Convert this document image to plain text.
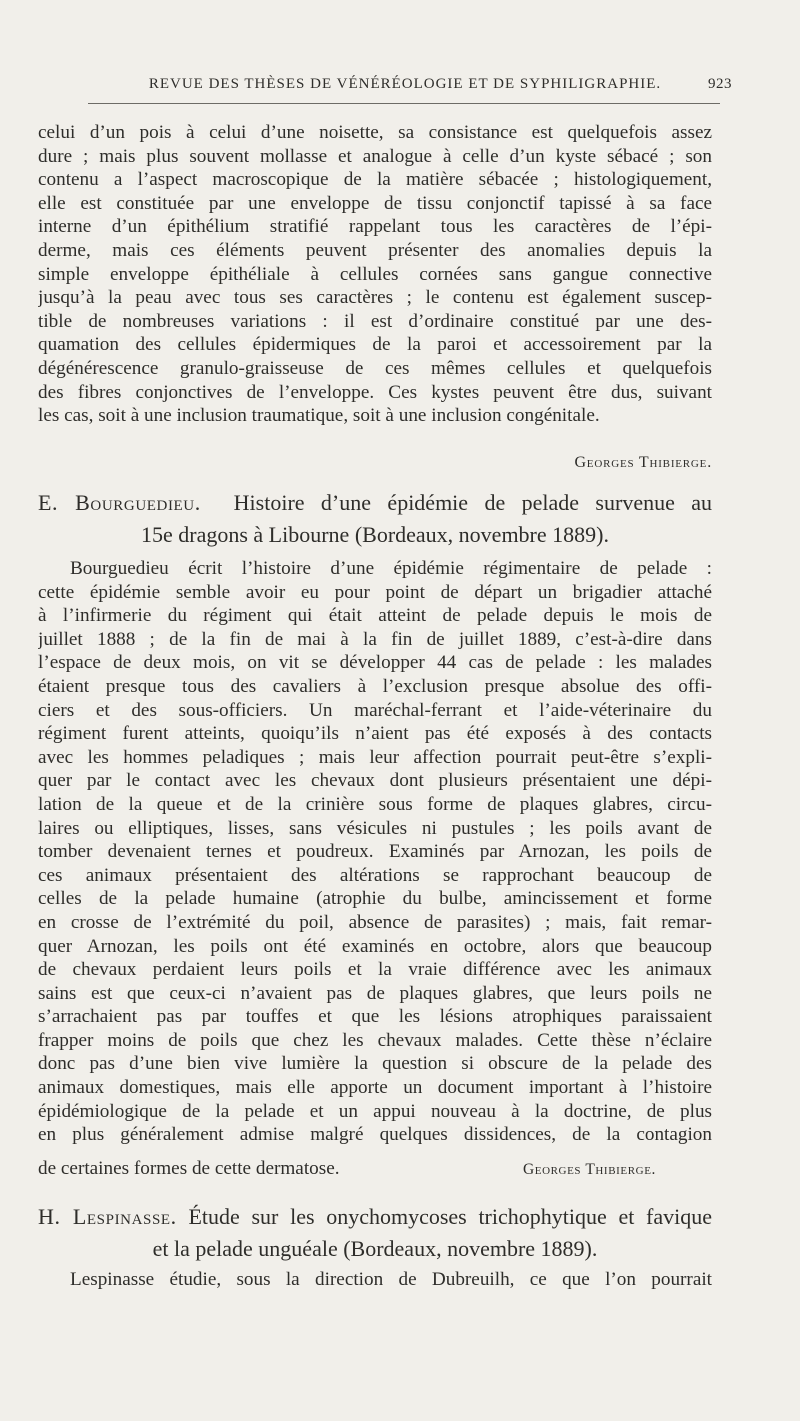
REVUE DES THÈSES DE VÉNÉRÉOLOGIE ET DE SYPHILIGRAPHIE.	923
celui d’un pois à celui d’une noisette, sa consistance est quelquefois assez
dure ; mais plus souvent mollasse et analogue à celle d’un kyste sébacé ; son
contenu a l’aspect macroscopique de la matière sébacée ; histologiquement,
elle est constituée par une enveloppe de tissu conjonctif tapissé à sa face
interne d’un épithélium stratifié rappelant tous les caractères de l’épi-
derme, mais ces éléments peuvent présenter des anomalies depuis la
simple enveloppe épithéliale à cellules cornées sans gangue connective
jusqu’à la peau avec tous ses caractères ; le contenu est également suscep-
tible de nombreuses variations : il est d’ordinaire constitué par une des-
quamation des cellules épidermiques de la paroi et accessoirement par la
dégénérescence granulo-graisseuse de ces mêmes cellules et quelquefois
des fibres conjonctives de l’enveloppe. Ces kystes peuvent être dus, suivant
les cas, soit à une inclusion traumatique, soit à une inclusion congénitale.
Georges Thibierge.
E. Bourguedieu. Histoire d’une épidémie de pelade survenue au
15e dragons à Libourne (Bordeaux, novembre 1889).
Bourguedieu écrit l’histoire d’une épidémie régimentaire de pelade :
cette épidémie semble avoir eu pour point de départ un brigadier attaché
à l’infirmerie du régiment qui était atteint de pelade depuis le mois de
juillet 1888 ; de la fin de mai à la fin de juillet 1889, c’est-à-dire dans
l’espace de deux mois, on vit se développer 44 cas de pelade : les malades
étaient presque tous des cavaliers à l’exclusion presque absolue des offi-
ciers et des sous-officiers. Un maréchal-ferrant et l’aide-véterinaire du
régiment furent atteints, quoiqu’ils n’aient pas été exposés à des contacts
avec les hommes peladiques ; mais leur affection pourrait peut-être s’expli-
quer par le contact avec les chevaux dont plusieurs présentaient une dépi-
lation de la queue et de la crinière sous forme de plaques glabres, circu-
laires ou elliptiques, lisses, sans vésicules ni pustules ; les poils avant de
tomber devenaient ternes et poudreux. Examinés par Arnozan, les poils de
ces animaux présentaient des altérations se rapprochant beaucoup de
celles de la pelade humaine (atrophie du bulbe, amincissement et forme
en crosse de l’extrémité du poil, absence de parasites) ; mais, fait remar-
quer Arnozan, les poils ont été examinés en octobre, alors que beaucoup
de chevaux perdaient leurs poils et la vraie différence avec les animaux
sains est que ceux-ci n’avaient pas de plaques glabres, que leurs poils ne
s’arrachaient pas par touffes et que les lésions atrophiques paraissaient
frapper moins de poils que chez les chevaux malades. Cette thèse n’éclaire
donc pas d’une bien vive lumière la question si obscure de la pelade des
animaux domestiques, mais elle apporte un document important à l’histoire
épidémiologique de la pelade et un appui nouveau à la doctrine, de plus
en plus généralement admise malgré quelques dissidences, de la contagion
de certaines formes de cette dermatose.	Georges Thibierge.
H. Lespinasse. Étude sur les onychomycoses trichophytique et favique
et la pelade unguéale (Bordeaux, novembre 1889).
Lespinasse étudie, sous la direction de Dubreuilh, ce que l’on pourrait
